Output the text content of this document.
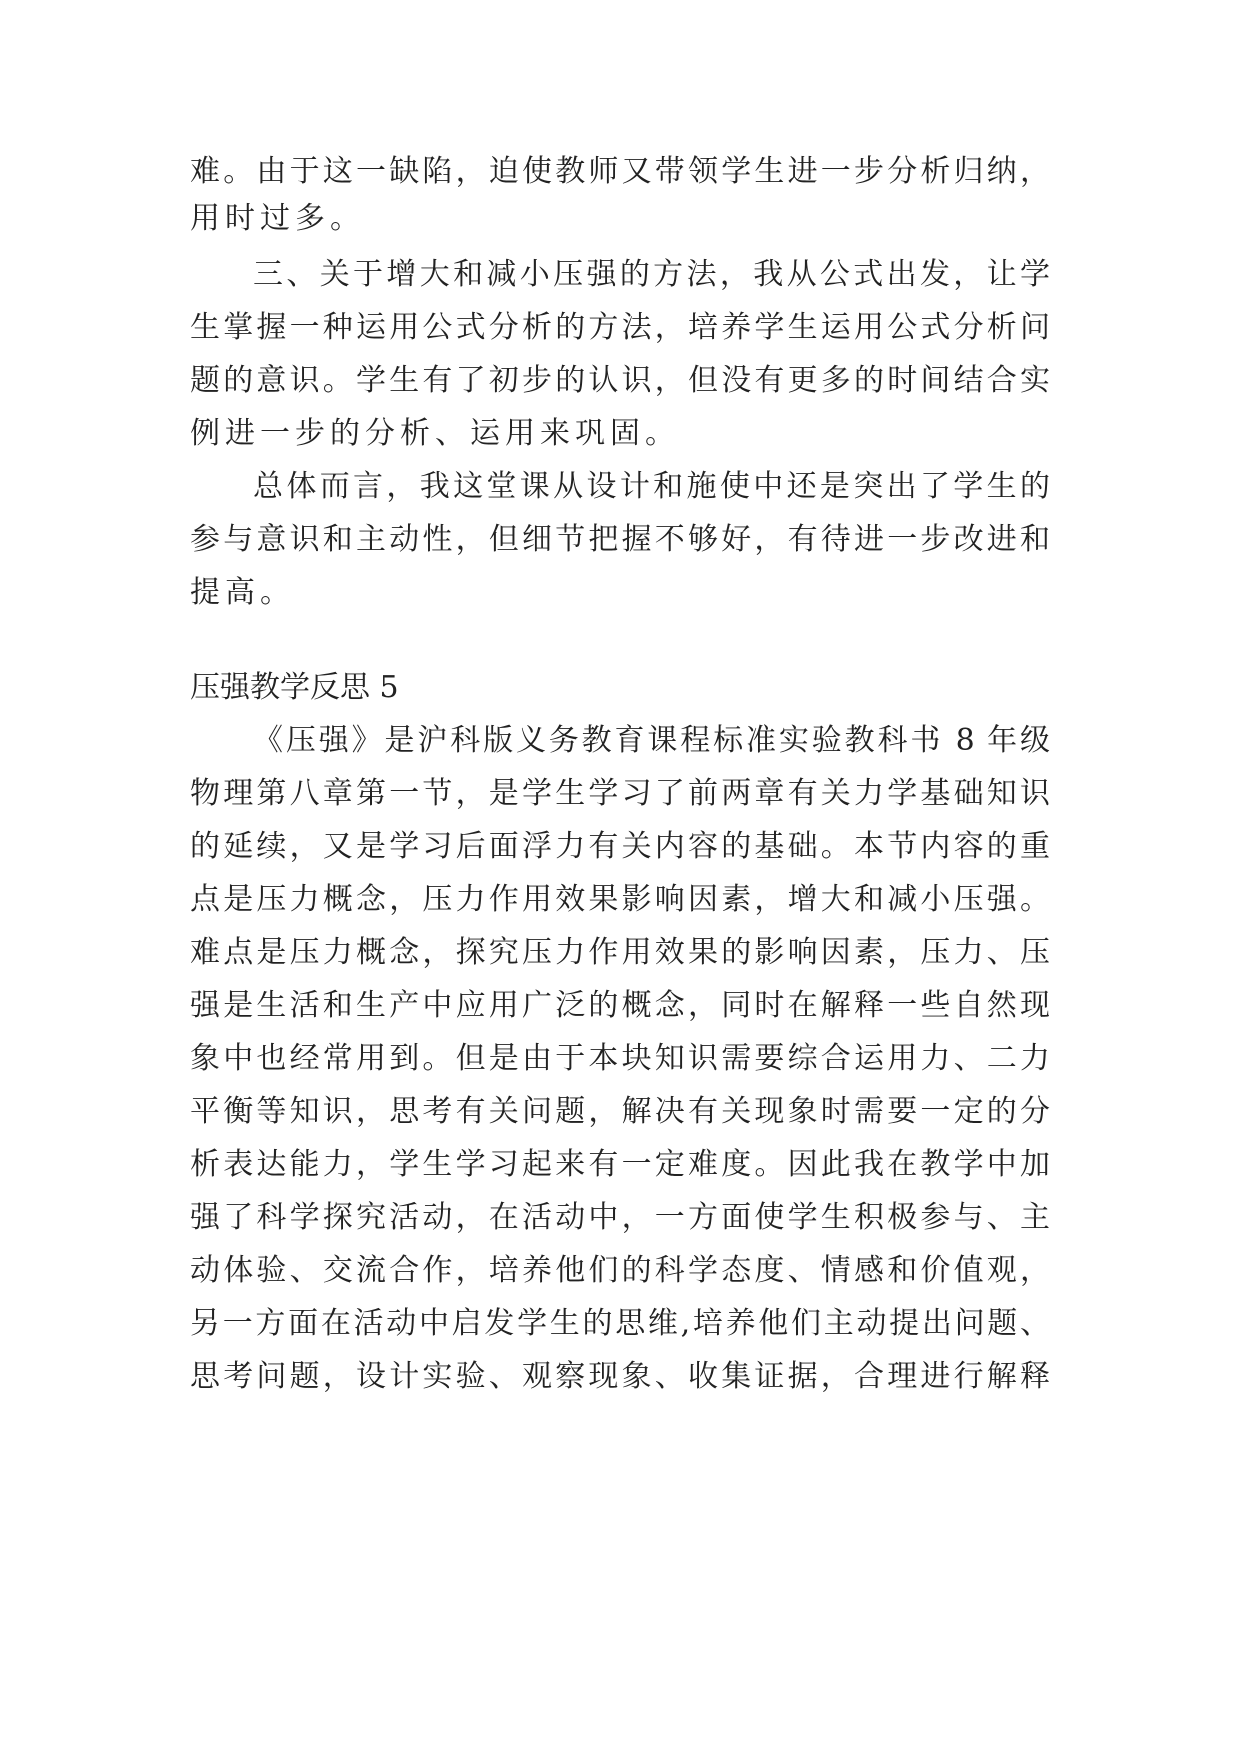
难。由于这一缺陷，迫使教师又带领学生进一步分析归纳，
用时过多。
三、关于增大和减小压强的方法，我从公式出发，让学
生掌握一种运用公式分析的方法，培养学生运用公式分析问
题的意识。学生有了初步的认识，但没有更多的时间结合实
例进一步的分析、运用来巩固。
总体而言，我这堂课从设计和施使中还是突出了学生的
参与意识和主动性，但细节把握不够好，有待进一步改进和
提高。
压强教学反思 5
《压强》是沪科版义务教育课程标准实验教科书 8 年级
物理第八章第一节，是学生学习了前两章有关力学基础知识
的延续，又是学习后面浮力有关内容的基础。本节内容的重
点是压力概念，压力作用效果影响因素，增大和减小压强。
难点是压力概念，探究压力作用效果的影响因素，压力、压
强是生活和生产中应用广泛的概念，同时在解释一些自然现
象中也经常用到。但是由于本块知识需要综合运用力、二力
平衡等知识，思考有关问题，解决有关现象时需要一定的分
析表达能力，学生学习起来有一定难度。因此我在教学中加
强了科学探究活动，在活动中，一方面使学生积极参与、主
动体验、交流合作，培养他们的科学态度、情感和价值观，
另一方面在活动中启发学生的思维,培养他们主动提出问题、
思考问题，设计实验、观察现象、收集证据，合理进行解释
